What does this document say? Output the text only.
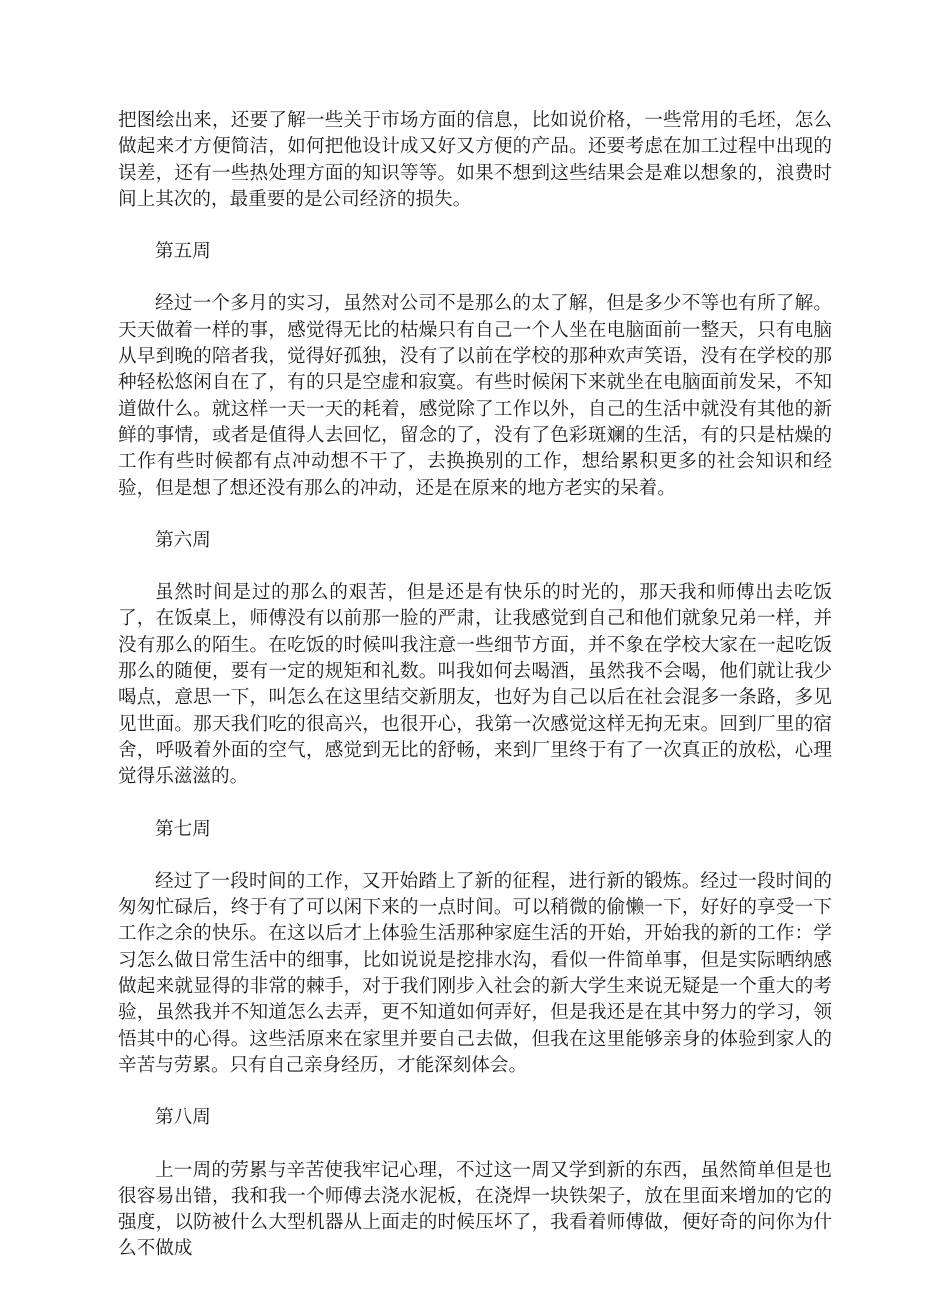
把图绘出来，还要了解一些关于市场方面的信息，比如说价格，一些常用的毛坯，怎么做起来才方便简洁，如何把他设计成又好又方便的产品。还要考虑在加工过程中出现的误差，还有一些热处理方面的知识等等。如果不想到这些结果会是难以想象的，浪费时间上其次的，最重要的是公司经济的损失。

第五周

经过一个多月的实习，虽然对公司不是那么的太了解，但是多少不等也有所了解。天天做着一样的事，感觉得无比的枯燥只有自己一个人坐在电脑面前一整天，只有电脑从早到晚的陪者我，觉得好孤独，没有了以前在学校的那种欢声笑语，没有在学校的那种轻松悠闲自在了，有的只是空虚和寂寞。有些时候闲下来就坐在电脑面前发呆，不知道做什么。就这样一天一天的耗着，感觉除了工作以外，自己的生活中就没有其他的新鲜的事情，或者是值得人去回忆，留念的了，没有了色彩斑斓的生活，有的只是枯燥的工作有些时候都有点冲动想不干了，去换换别的工作，想给累积更多的社会知识和经验，但是想了想还没有那么的冲动，还是在原来的地方老实的呆着。

第六周

虽然时间是过的那么的艰苦，但是还是有快乐的时光的，那天我和师傅出去吃饭了，在饭桌上，师傅没有以前那一脸的严肃，让我感觉到自己和他们就象兄弟一样，并没有那么的陌生。在吃饭的时候叫我注意一些细节方面，并不象在学校大家在一起吃饭那么的随便，要有一定的规矩和礼数。叫我如何去喝酒，虽然我不会喝，他们就让我少喝点，意思一下，叫怎么在这里结交新朋友，也好为自己以后在社会混多一条路，多见见世面。那天我们吃的很高兴，也很开心，我第一次感觉这样无拘无束。回到厂里的宿舍，呼吸着外面的空气，感觉到无比的舒畅，来到厂里终于有了一次真正的放松，心理觉得乐滋滋的。

第七周

经过了一段时间的工作，又开始踏上了新的征程，进行新的锻炼。经过一段时间的匆匆忙碌后，终于有了可以闲下来的一点时间。可以稍微的偷懒一下，好好的享受一下工作之余的快乐。在这以后才上体验生活那种家庭生活的开始，开始我的新的工作：学习怎么做日常生活中的细事，比如说说是挖排水沟，看似一件简单事，但是实际晒纳感做起来就显得的非常的棘手，对于我们刚步入社会的新大学生来说无疑是一个重大的考验，虽然我并不知道怎么去弄，更不知道如何弄好，但是我还是在其中努力的学习，领悟其中的心得。这些活原来在家里并要自己去做，但我在这里能够亲身的体验到家人的辛苦与劳累。只有自己亲身经历，才能深刻体会。

第八周

上一周的劳累与辛苦使我牢记心理，不过这一周又学到新的东西，虽然简单但是也很容易出错，我和我一个师傅去浇水泥板，在浇焊一块铁架子，放在里面来增加的它的强度，以防被什么大型机器从上面走的时候压坏了，我看着师傅做，便好奇的问你为什么不做成
